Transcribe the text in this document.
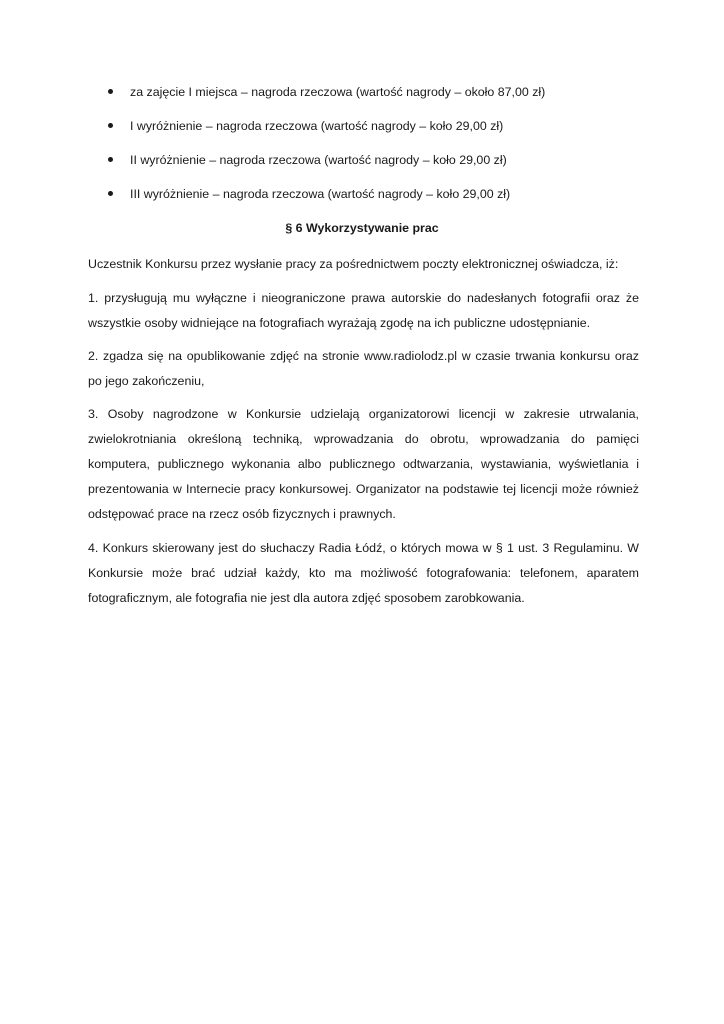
za zajęcie I miejsca – nagroda rzeczowa (wartość nagrody – około 87,00 zł)
I wyróżnienie – nagroda rzeczowa (wartość nagrody – koło 29,00 zł)
II wyróżnienie – nagroda rzeczowa (wartość nagrody – koło 29,00 zł)
III wyróżnienie – nagroda rzeczowa (wartość nagrody – koło 29,00 zł)
§ 6 Wykorzystywanie prac

Uczestnik Konkursu przez wysłanie pracy za pośrednictwem poczty elektronicznej oświadcza, iż:

1. przysługują mu wyłączne i nieograniczone prawa autorskie do nadesłanych fotografii oraz że wszystkie osoby widniejące na fotografiach wyrażają zgodę na ich publiczne udostępnianie.

2. zgadza się na opublikowanie zdjęć na stronie www.radiolodz.pl w czasie trwania konkursu oraz po jego zakończeniu,

3. Osoby nagrodzone w Konkursie udzielają organizatorowi licencji w zakresie utrwalania, zwielokrotniania określoną techniką, wprowadzania do obrotu, wprowadzania do pamięci komputera, publicznego wykonania albo publicznego odtwarzania, wystawiania, wyświetlania i prezentowania w Internecie pracy konkursowej. Organizator na podstawie tej licencji może również odstępować prace na rzecz osób fizycznych i prawnych.

4. Konkurs skierowany jest do słuchaczy Radia Łódź, o których mowa w § 1 ust. 3 Regulaminu. W Konkursie może brać udział każdy, kto ma możliwość fotografowania: telefonem, aparatem fotograficznym, ale fotografia nie jest dla autora zdjęć sposobem zarobkowania.
